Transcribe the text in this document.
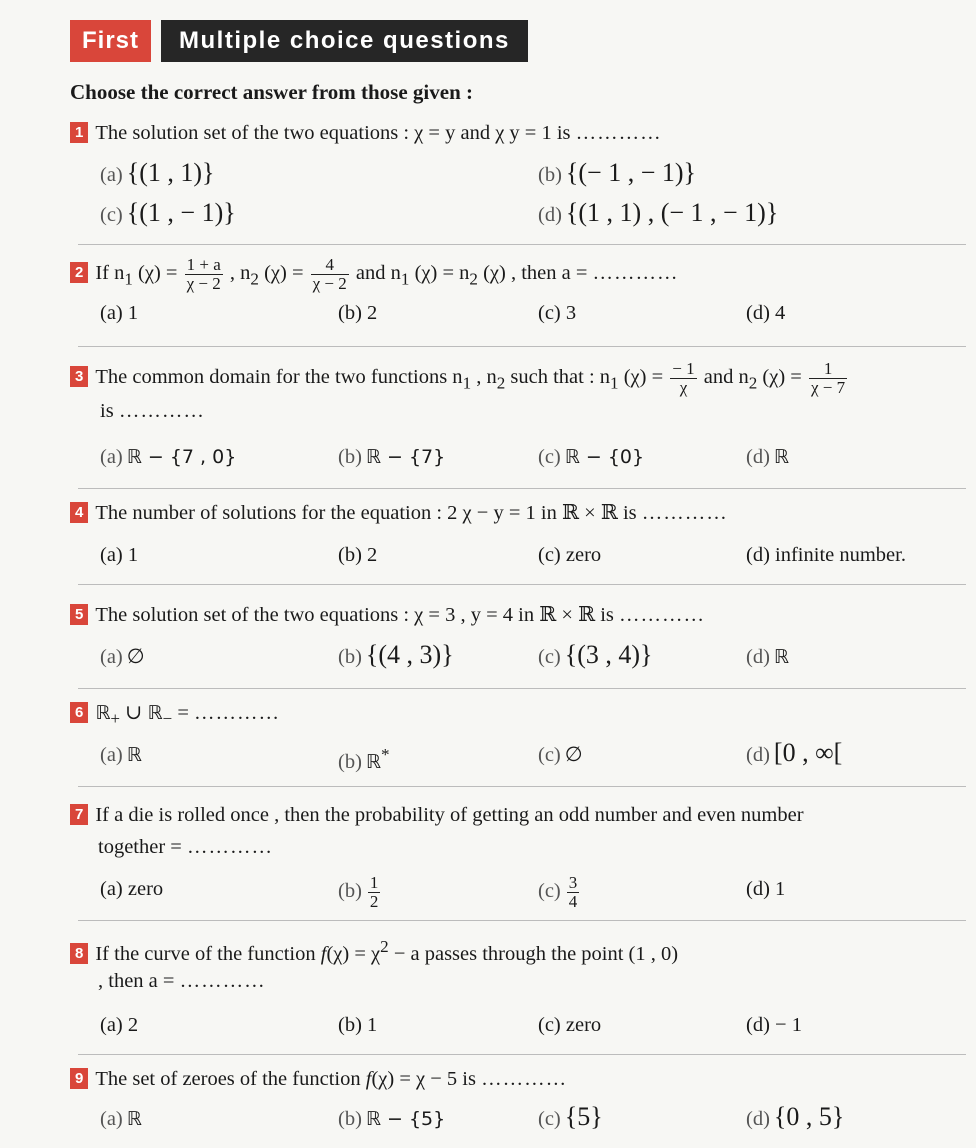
First	Multiple choice questions
Choose the correct answer from those given :
1 The solution set of the two equations : χ = y and χ y = 1 is …………
(a) {(1 , 1)}	(b) {(− 1 , − 1)}
(c) {(1 , − 1)}	(d) {(1 , 1) , (− 1 , − 1)}
2 If $n_1$ $(\chi) = \frac{1 + a}{\chi - 2}$ , $n_2$ $(\chi) = \frac{4}{\chi - 2}$ and $n_1$ $(\chi) = n_2$ (χ) , then a = …………
(a) 1	(b) 2	(c) 3	(d) 4
3 The common domain for the two functions $n_1$ , $n_2$ such that : $n_1$ $(\chi) = \frac{- 1}{\chi}$ and $n_2$ $(\chi) = \frac{1}{\chi - 7}$
is …………
(a) ℝ − {7 , 0}	(b) ℝ − {7}	(c) ℝ − {0}	(d) ℝ
4 The number of solutions for the equation : 2 χ − y = 1 in ℝ × ℝ is …………
(a) 1	(b) 2	(c) zero	(d) infinite number.
5 The solution set of the two equations : χ = 3 , y = 4 in ℝ × ℝ is …………
(a) ∅	(b) {(4 , 3)}	(c) {(3 , 4)}	(d) ℝ
6 ℝ$_+$ ∪ ℝ$_-$ = …………
(a) ℝ	(b) ℝ*	(c) ∅	(d) [0 , ∞[
7 If a die is rolled once , then the probability of getting an odd number and even number
together = …………
(a) zero	$(b) \frac{1}{2}$	$(c) \frac{3}{4}$	(d) 1
8 If the curve of the function $f(\chi) = \chi^2 - a$ passes through the point (1 , 0)
, then a = …………
(a) 2	(b) 1	(c) zero	(d) − 1
9 The set of zeroes of the function f(χ) = χ − 5 is …………
(a) ℝ	(b) ℝ − {5}	(c) {5}	(d) {0 , 5}
